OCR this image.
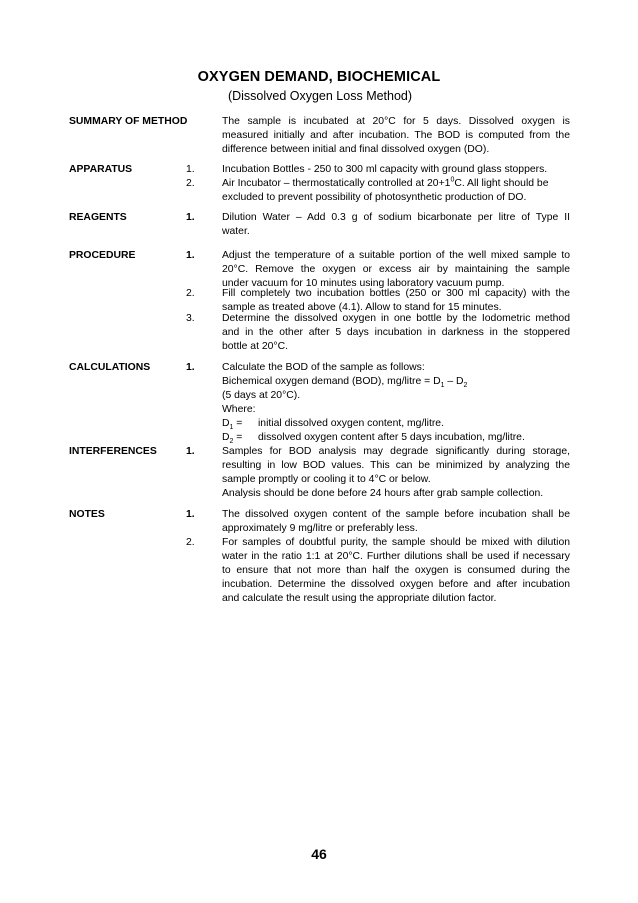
OXYGEN DEMAND, BIOCHEMICAL
(Dissolved Oxygen Loss Method)
SUMMARY OF METHOD	The sample is incubated at 20°C for 5 days. Dissolved oxygen is
measured initially and after incubation. The BOD is computed from the
difference between initial and final dissolved oxygen (DO).
APPARATUS	1.	Incubation Bottles - 250 to 300 ml capacity with ground glass stoppers.
2.	Air Incubator – thermostatically controlled at $20+1^0C$. All light should be
excluded to prevent possibility of photosynthetic production of DO.
REAGENTS	1.	Dilution Water – Add 0.3 g of sodium bicarbonate per litre of Type II
water.
PROCEDURE	1.	Adjust the temperature of a suitable portion of the well mixed sample to
20°C. Remove the oxygen or excess air by maintaining the sample
under vacuum for 10 minutes using laboratory vacuum pump.
2.	Fill completely two incubation bottles (250 or 300 ml capacity) with the
sample as treated above (4.1). Allow to stand for 15 minutes.
3.	Determine the dissolved oxygen in one bottle by the Iodometric method
and in the other after 5 days incubation in darkness in the stoppered
bottle at 20°C.
CALCULATIONS	1.	Calculate the BOD of the sample as follows:
Bichemical oxygen demand (BOD), mg/litre = $D_1 - D_2$
(5 days at 20°C).
Where:
$D_1$ = initial dissolved oxygen content, mg/litre.
$D_2$ = dissolved oxygen content after 5 days incubation, mg/litre.
INTERFERENCES	1.	Samples for BOD analysis may degrade significantly during storage,
resulting in low BOD values. This can be minimized by analyzing the
sample promptly or cooling it to 4°C or below.
Analysis should be done before 24 hours after grab sample collection.
NOTES	1.	The dissolved oxygen content of the sample before incubation shall be
approximately 9 mg/litre or preferably less.
2.	For samples of doubtful purity, the sample should be mixed with dilution
water in the ratio 1:1 at 20°C. Further dilutions shall be used if necessary
to ensure that not more than half the oxygen is consumed during the
incubation. Determine the dissolved oxygen before and after incubation
and calculate the result using the appropriate dilution factor.
46
